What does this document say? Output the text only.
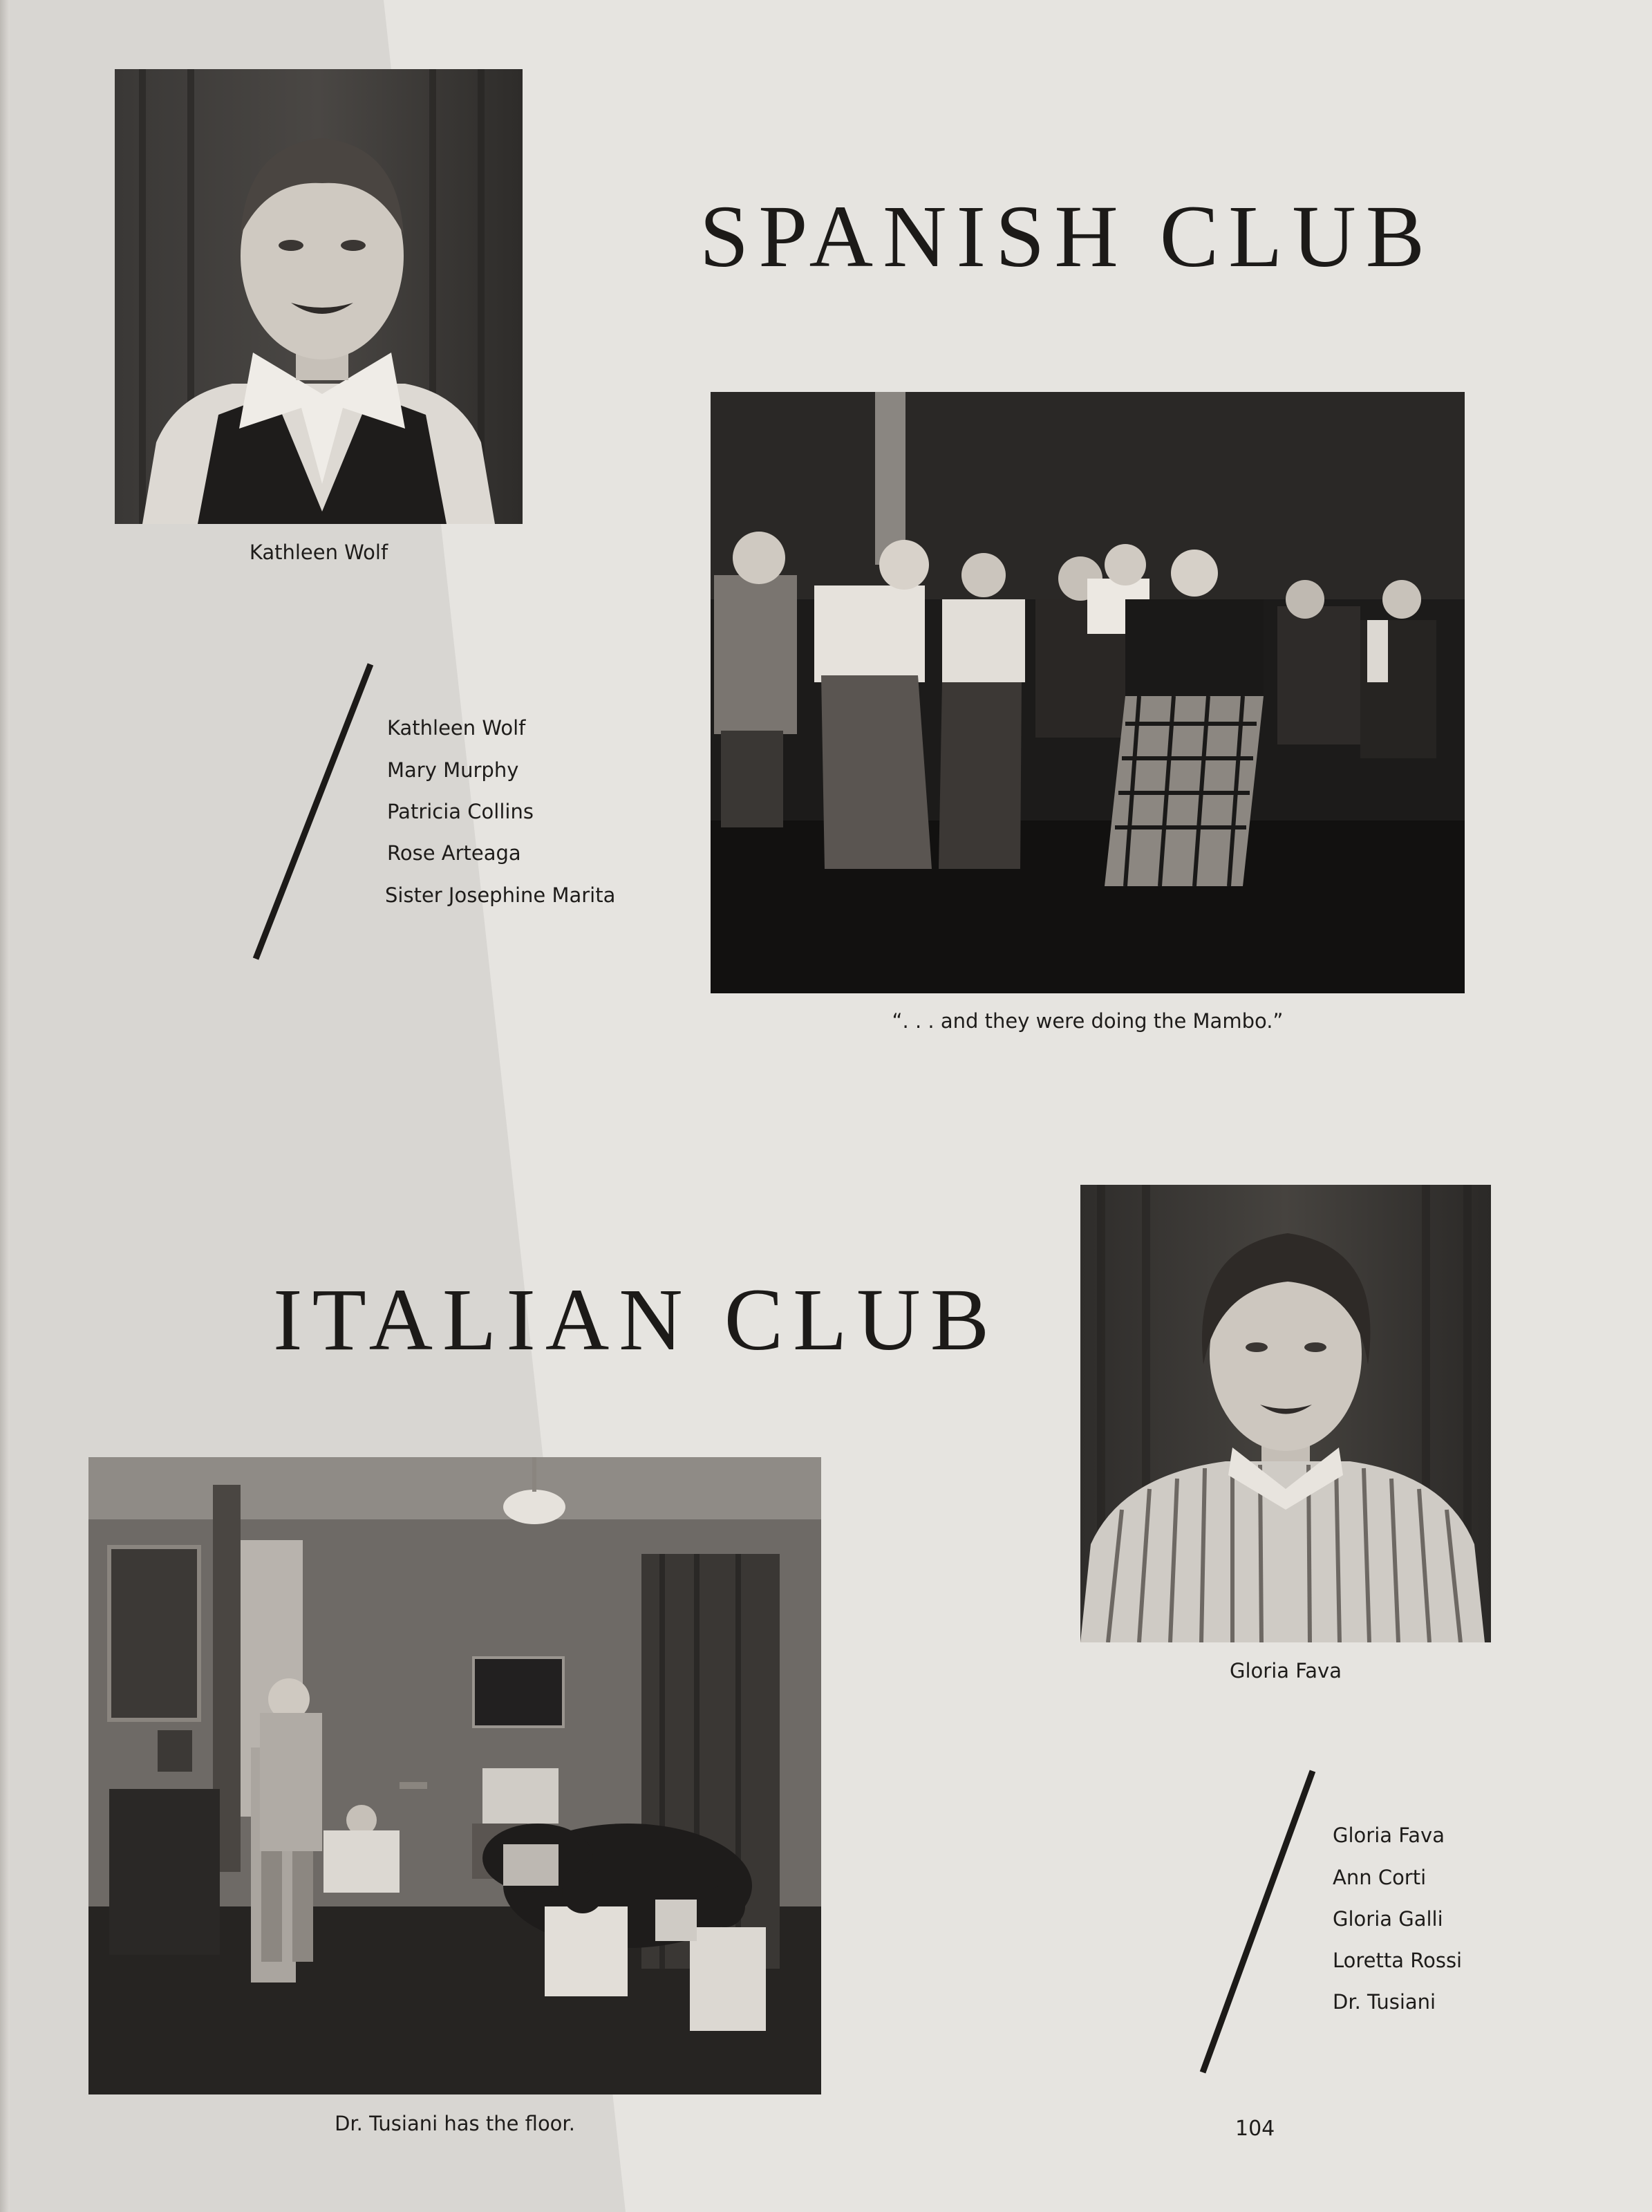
SPANISH CLUB
Kathleen Wolf
Kathleen Wolf
Mary Murphy
Patricia Collins
Rose Arteaga
Sister Josephine Marita
“. . . and they were doing the Mambo.”
ITALIAN CLUB
Gloria Fava
Gloria Fava
Ann Corti
Gloria Galli
Loretta Rossi
Dr. Tusiani
Dr. Tusiani has the floor.	104
